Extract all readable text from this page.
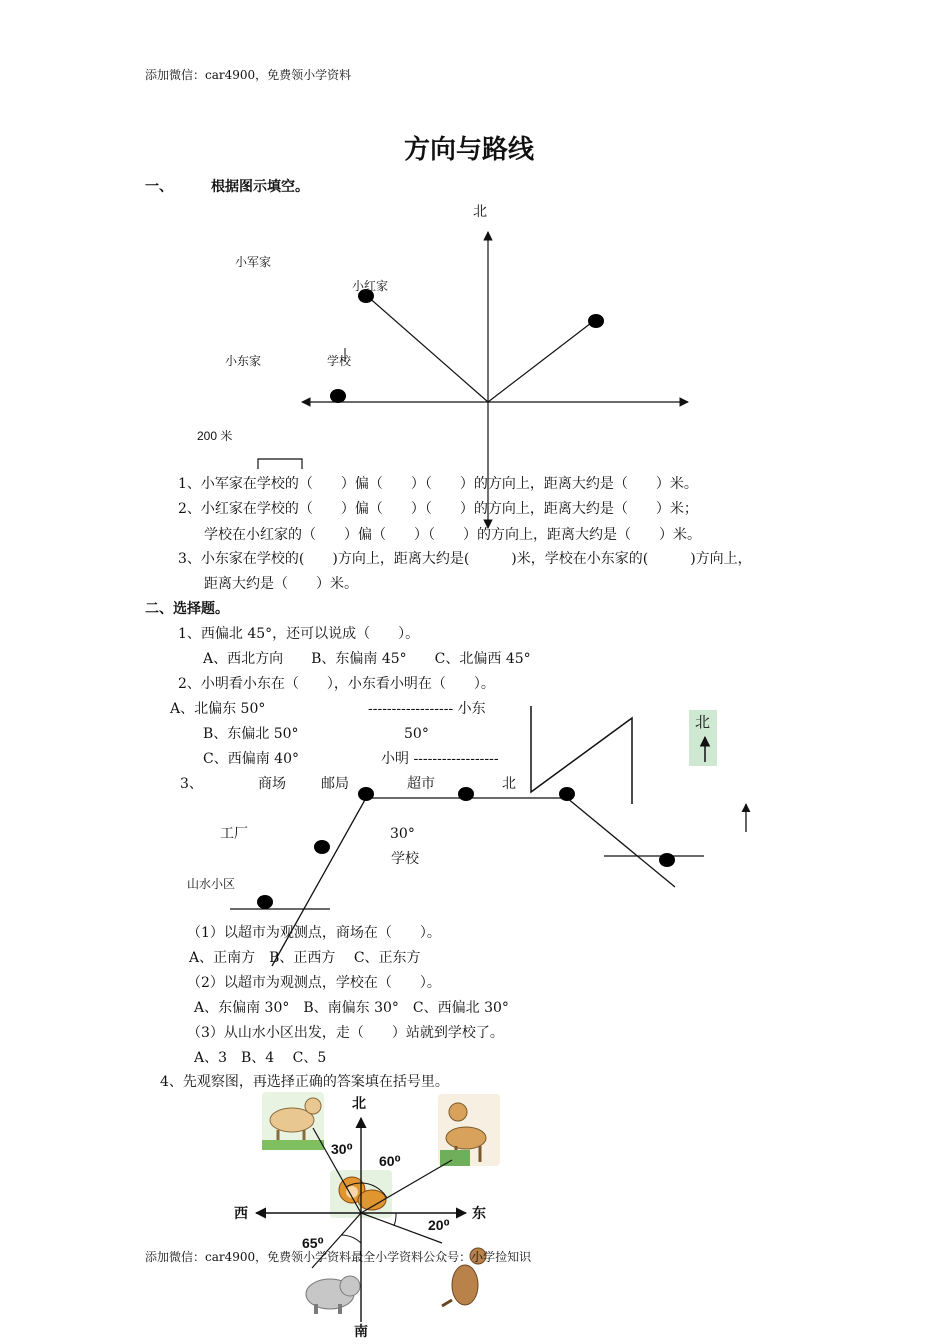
添加微信：car4900，免费领小学资料
方向与路线
一、	根据图示填空。
北
小军家
小红家
小东家	学校
200 米
1、小军家在学校的（　　）偏（　　）（　　）的方向上，距离大约是（　　）米。
2、小红家在学校的（　　）偏（　　）（　　）的方向上，距离大约是（　　）米；
学校在小红家的（　　）偏（　　）（　　）的方向上，距离大约是（　　）米。
3、小东家在学校的(　　)方向上，距离大约是(　　　)米，学校在小东家的(　　　)方向上，
距离大约是（　　）米。
二、选择题。
1、西偏北 45°，还可以说成（　　）。
A、西北方向　　B、东偏南 45°　　C、北偏西 45°
2、小明看小东在（　　），小东看小明在（　　）。
A、北偏东 50°
B、东偏北 50°
C、西偏南 40°
------------------ 小东
50°
小明 ------------------
北
3、	商场	邮局	超市	北
工厂	30°
学校
山水小区
（1）以超市为观测点，商场在（　　）。
A、正南方　B、正西方　 C、正东方
（2）以超市为观测点，学校在（　　）。
A、东偏南 30°　B、南偏东 30°　C、西偏北 30°
（3）从山水小区出发，走（　　）站就到学校了。
A、3　B、4　 C、5
4、先观察图，再选择正确的答案填在括号里。
北
南
西	东
30⁰
60⁰
20⁰
65⁰
添加微信：car4900，免费领小学资料最全小学资料公众号：小学捡知识
